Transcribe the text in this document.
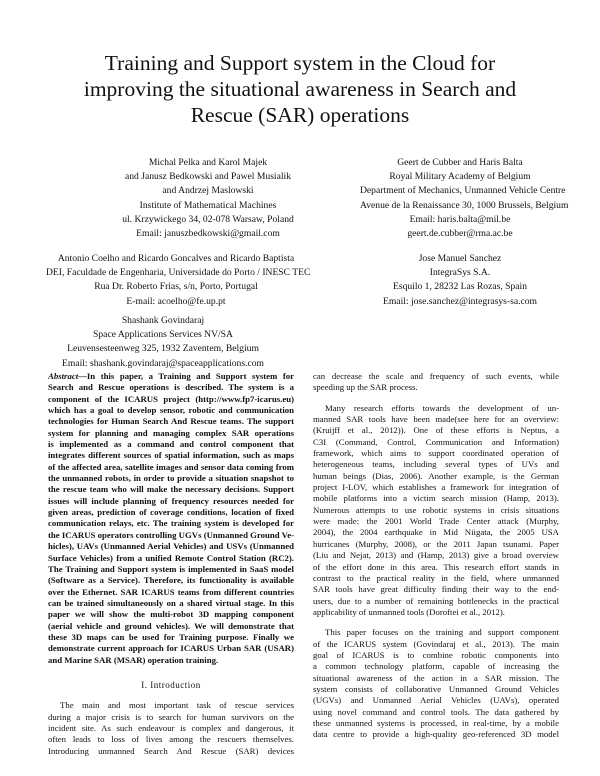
Training and Support system in the Cloud for
improving the situational awareness in Search and
Rescue (SAR) operations
Michal Pelka and Karol Majek
and Janusz Bedkowski and Pawel Musialik
and Andrzej Maslowski
Institute of Mathematical Machines
ul. Krzywickego 34, 02-078 Warsaw, Poland
Email: januszbedkowski@gmail.com
Geert de Cubber and Haris Balta
Royal Military Academy of Belgium
Department of Mechanics, Unmanned Vehicle Centre
Avenue de la Renaissance 30, 1000 Brussels, Belgium
Email: haris.balta@mil.be
geert.de.cubber@rma.ac.be
Antonio Coelho and Ricardo Goncalves and Ricardo Baptista
DEI, Faculdade de Engenharia, Universidade do Porto / INESC TEC
Rua Dr. Roberto Frias, s/n, Porto, Portugal
E-mail: acoelho@fe.up.pt
Jose Manuel Sanchez
IntegraSys S.A.
Esquilo 1, 28232 Las Rozas, Spain
Email: jose.sanchez@integrasys-sa.com
Shashank Govindaraj
Space Applications Services NV/SA
Leuvensesteenweg 325, 1932 Zaventem, Belgium
Email: shashank.govindaraj@spaceapplications.com

Abstract—In this paper, a Training and Support system for
Search and Rescue operations is described. The system is a
component of the ICARUS project (http://www.fp7-icarus.eu)
which has a goal to develop sensor, robotic and communication
technologies for Human Search And Rescue teams. The support
system for planning and managing complex SAR operations
is implemented as a command and control component that
integrates different sources of spatial information, such as maps
of the affected area, satellite images and sensor data coming from
the unmanned robots, in order to provide a situation snapshot to
the rescue team who will make the necessary decisions. Support
issues will include planning of frequency resources needed for
given areas, prediction of coverage conditions, location of fixed
communication relays, etc. The training system is developed for
the ICARUS operators controlling UGVs (Unmanned Ground Ve-
hicles), UAVs (Unmanned Aerial Vehicles) and USVs (Unmanned
Surface Vehicles) from a unified Remote Control Station (RC2).
The Training and Support system is implemented in SaaS model
(Software as a Service). Therefore, its functionality is available
over the Ethernet. SAR ICARUS teams from different countries
can be trained simultaneously on a shared virtual stage. In this
paper we will show the multi-robot 3D mapping component
(aerial vehicle and ground vehicles). We will demonstrate that
these 3D maps can be used for Training purpose. Finally we
demonstrate current approach for ICARUS Urban SAR (USAR)
and Marine SAR (MSAR) operation training.

I. Introduction

The main and most important task of rescue services
during a major crisis is to search for human survivors on the
incident site. As such endeavour is complex and dangerous, it
often leads to loss of lives among the rescuers themselves.
Introducing unmanned Search And Rescue (SAR) devices

can decrease the scale and frequency of such events, while
speeding up the SAR process.

Many research efforts towards the development of un-
manned SAR tools have been made(see here for an overview:
(Kruijff et al., 2012)). One of these efforts is Neptus, a
C3I (Command, Control, Communication and Information)
framework, which aims to support coordinated operation of
heterogeneous teams, including several types of UVs and
human beings (Dias, 2006). Another example, is the German
project I-LOV, which establishes a framework for integration of
mobile platforms into a victim search mission (Hamp, 2013).
Numerous attempts to use robotic systems in crisis situations
were made: the 2001 World Trade Center attack (Murphy,
2004), the 2004 earthquake in Mid Niigata, the 2005 USA
hurricanes (Murphy, 2008), or the 2011 Japan tsunami. Paper
(Liu and Nejat, 2013) and (Hamp, 2013) give a broad overview
of the effort done in this area. This research effort stands in
contrast to the practical reality in the field, where unmanned
SAR tools have great difficulty finding their way to the end-
users, due to a number of remaining bottlenecks in the practical
applicability of unmanned tools (Doroftei et al., 2012).

This paper focuses on the training and support component
of the ICARUS system (Govindaraj et al., 2013). The main
goal of ICARUS is to combine robotic components into
a common technology platform, capable of increasing the
situational awareness of the action in a SAR mission. The
system consists of collaborative Unmanned Ground Vehicles
(UGVs) and Unmanned Aerial Vehicles (UAVs), operated
using novel command and control tools. The data gathered by
these unmanned systems is processed, in real-time, by a mobile
data centre to provide a high-quality geo-referenced 3D model
